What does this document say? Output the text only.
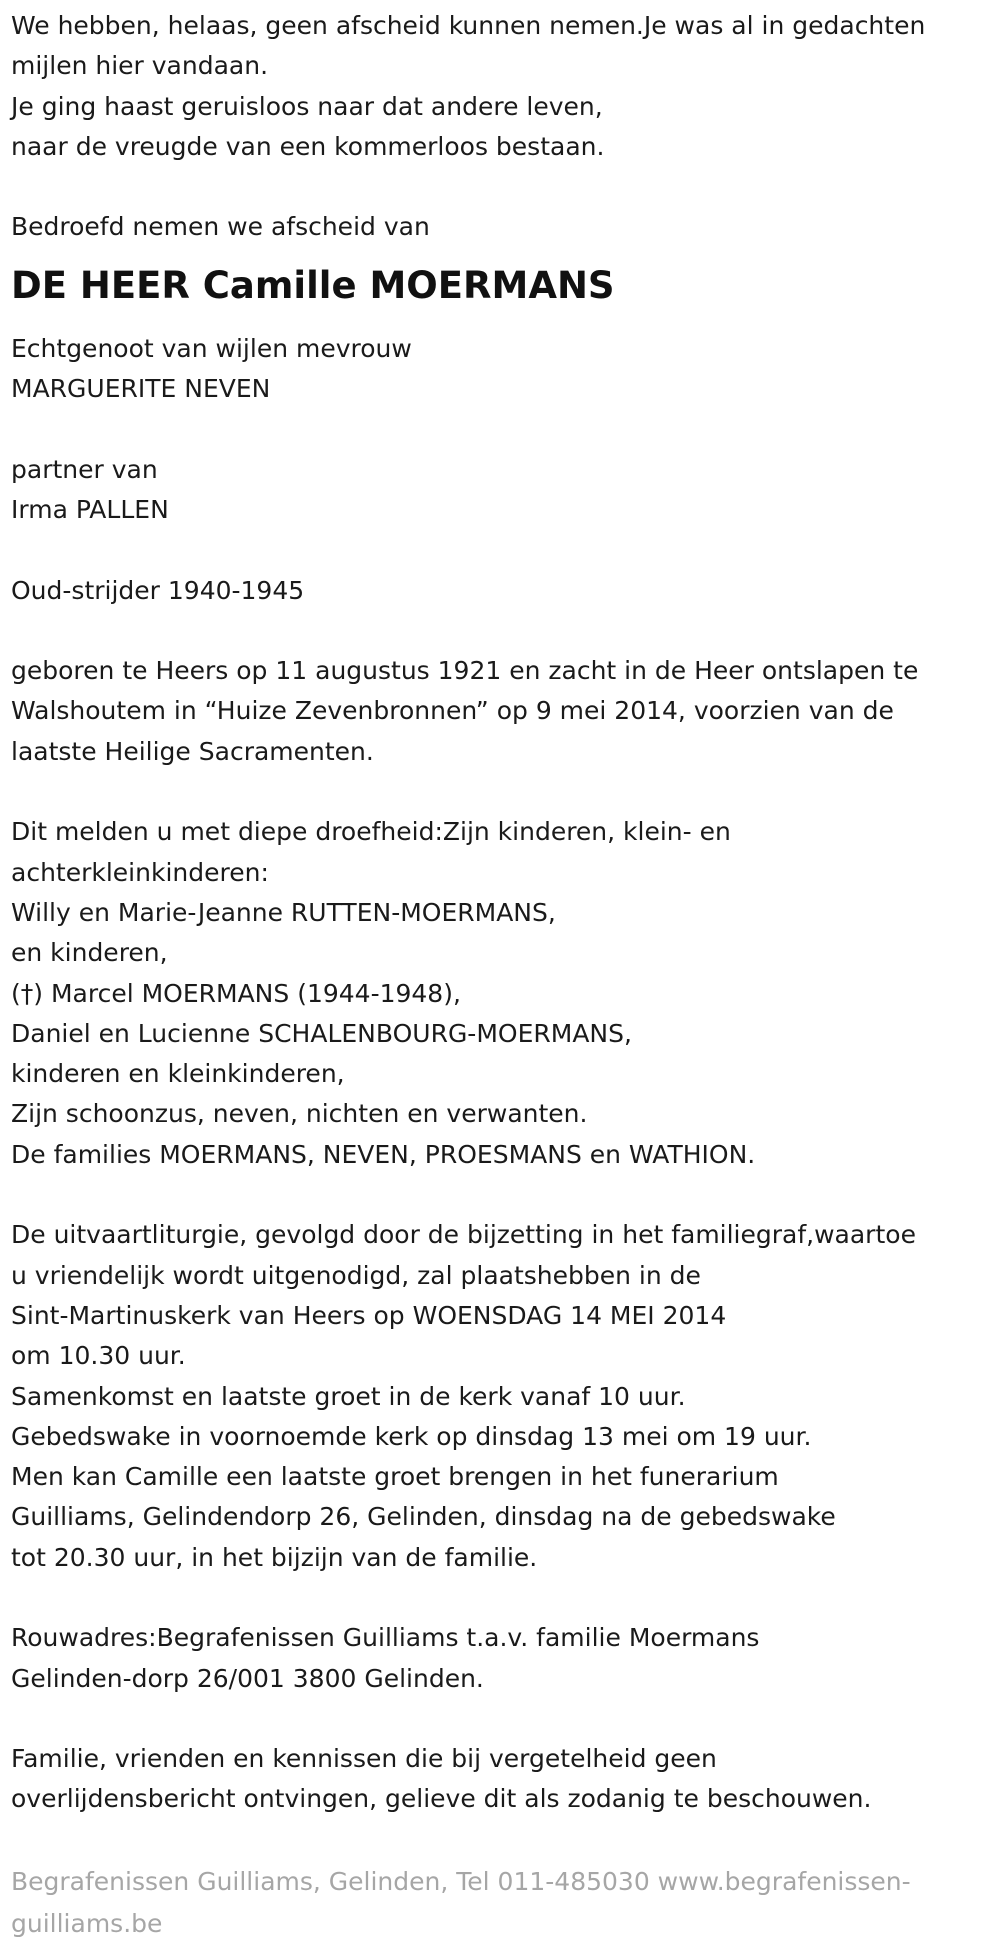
We hebben, helaas, geen afscheid kunnen nemen.Je was al in gedachten
mijlen hier vandaan.
Je ging haast geruisloos naar dat andere leven,
naar de vreugde van een kommerloos bestaan.
Bedroefd nemen we afscheid van
DE HEER Camille MOERMANS
Echtgenoot van wijlen mevrouw
MARGUERITE NEVEN
partner van
Irma PALLEN
Oud-strijder 1940-1945
geboren te Heers op 11 augustus 1921 en zacht in de Heer ontslapen te
Walshoutem in “Huize Zevenbronnen” op 9 mei 2014, voorzien van de
laatste Heilige Sacramenten.
Dit melden u met diepe droefheid:Zijn kinderen, klein- en
achterkleinkinderen:
Willy en Marie-Jeanne RUTTEN-MOERMANS,
en kinderen,
(†) Marcel MOERMANS (1944-1948),
Daniel en Lucienne SCHALENBOURG-MOERMANS,
kinderen en kleinkinderen,
Zijn schoonzus, neven, nichten en verwanten.
De families MOERMANS, NEVEN, PROESMANS en WATHION.
De uitvaartliturgie, gevolgd door de bijzetting in het familiegraf,waartoe
u vriendelijk wordt uitgenodigd, zal plaatshebben in de
Sint-Martinuskerk van Heers op WOENSDAG 14 MEI 2014
om 10.30 uur.
Samenkomst en laatste groet in de kerk vanaf 10 uur.
Gebedswake in voornoemde kerk op dinsdag 13 mei om 19 uur.
Men kan Camille een laatste groet brengen in het funerarium
Guilliams, Gelindendorp 26, Gelinden, dinsdag na de gebedswake
tot 20.30 uur, in het bijzijn van de familie.
Rouwadres:Begrafenissen Guilliams t.a.v. familie Moermans
Gelinden-dorp 26/001 3800 Gelinden.
Familie, vrienden en kennissen die bij vergetelheid geen
overlijdensbericht ontvingen, gelieve dit als zodanig te beschouwen.
Begrafenissen Guilliams, Gelinden, Tel 011-485030 www.begrafenissen-
guilliams.be
